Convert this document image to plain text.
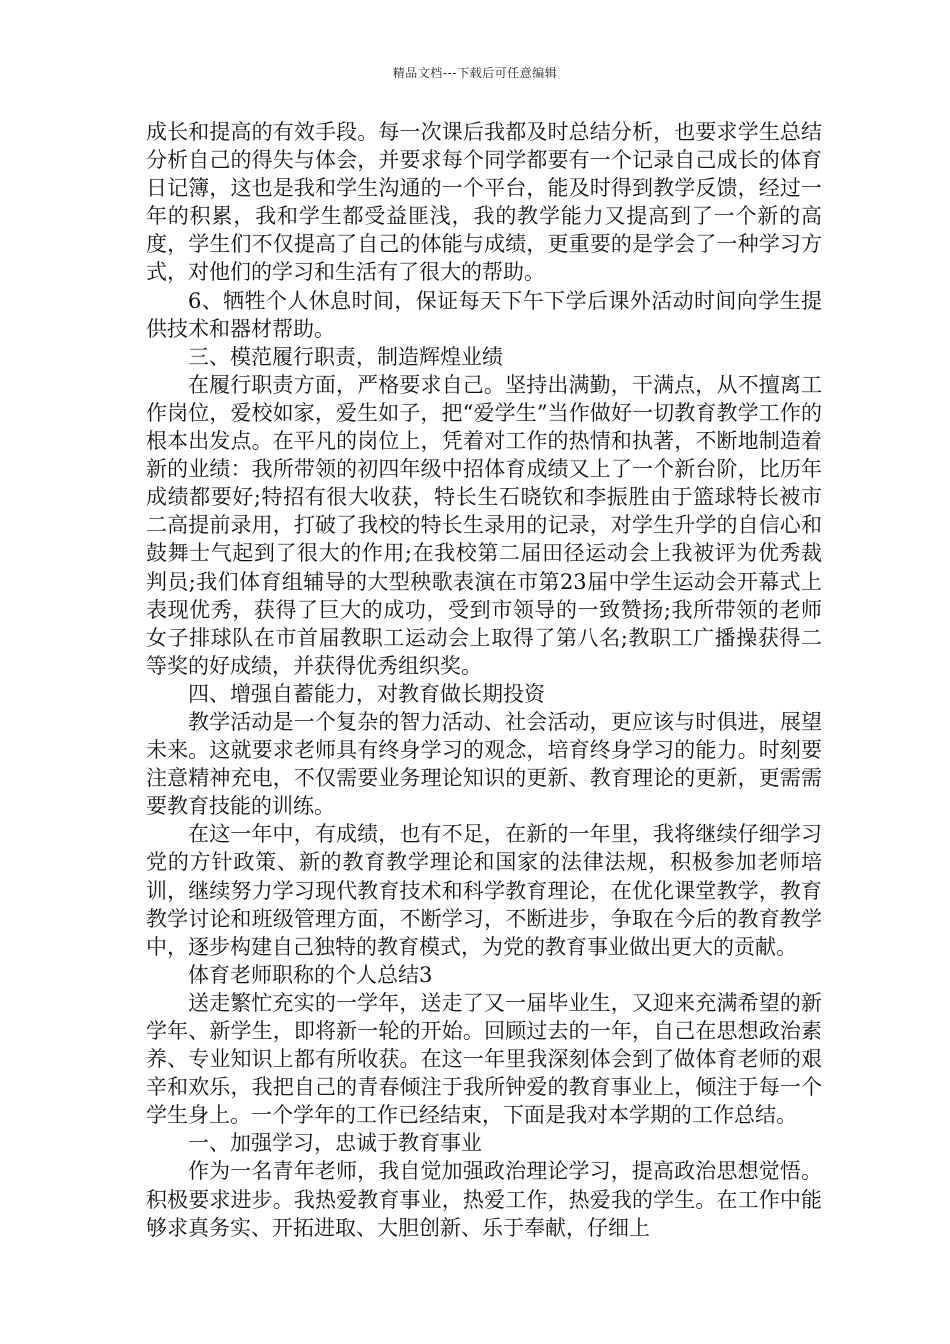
精品文档---下载后可任意编辑

成长和提高的有效手段。每一次课后我都及时总结分析，也要求学生总结分析自己的得失与体会，并要求每个同学都要有一个记录自己成长的体育日记簿，这也是我和学生沟通的一个平台，能及时得到教学反馈，经过一年的积累，我和学生都受益匪浅，我的教学能力又提高到了一个新的高度，学生们不仅提高了自己的体能与成绩，更重要的是学会了一种学习方式，对他们的学习和生活有了很大的帮助。

6、牺牲个人休息时间，保证每天下午下学后课外活动时间向学生提供技术和器材帮助。

三、模范履行职责，制造辉煌业绩

在履行职责方面，严格要求自己。坚持出满勤，干满点，从不擅离工作岗位，爱校如家，爱生如子，把“爱学生”当作做好一切教育教学工作的根本出发点。在平凡的岗位上，凭着对工作的热情和执著，不断地制造着新的业绩：我所带领的初四年级中招体育成绩又上了一个新台阶，比历年成绩都要好;特招有很大收获，特长生石晓钦和李振胜由于篮球特长被市二高提前录用，打破了我校的特长生录用的记录，对学生升学的自信心和鼓舞士气起到了很大的作用;在我校第二届田径运动会上我被评为优秀裁判员;我们体育组辅导的大型秧歌表演在市第23届中学生运动会开幕式上表现优秀，获得了巨大的成功，受到市领导的一致赞扬;我所带领的老师女子排球队在市首届教职工运动会上取得了第八名;教职工广播操获得二等奖的好成绩，并获得优秀组织奖。

四、增强自蓄能力，对教育做长期投资

教学活动是一个复杂的智力活动、社会活动，更应该与时俱进，展望未来。这就要求老师具有终身学习的观念，培育终身学习的能力。时刻要注意精神充电，不仅需要业务理论知识的更新、教育理论的更新，更需需要教育技能的训练。

在这一年中，有成绩，也有不足，在新的一年里，我将继续仔细学习党的方针政策、新的教育教学理论和国家的法律法规，积极参加老师培训，继续努力学习现代教育技术和科学教育理论，在优化课堂教学，教育教学讨论和班级管理方面，不断学习，不断进步，争取在今后的教育教学中，逐步构建自己独特的教育模式，为党的教育事业做出更大的贡献。

体育老师职称的个人总结3

送走繁忙充实的一学年，送走了又一届毕业生，又迎来充满希望的新学年、新学生，即将新一轮的开始。回顾过去的一年，自己在思想政治素养、专业知识上都有所收获。在这一年里我深刻体会到了做体育老师的艰辛和欢乐，我把自己的青春倾注于我所钟爱的教育事业上，倾注于每一个学生身上。一个学年的工作已经结束，下面是我对本学期的工作总结。

一、加强学习，忠诚于教育事业

作为一名青年老师，我自觉加强政治理论学习，提高政治思想觉悟。积极要求进步。我热爱教育事业，热爱工作，热爱我的学生。在工作中能够求真务实、开拓进取、大胆创新、乐于奉献，仔细上
